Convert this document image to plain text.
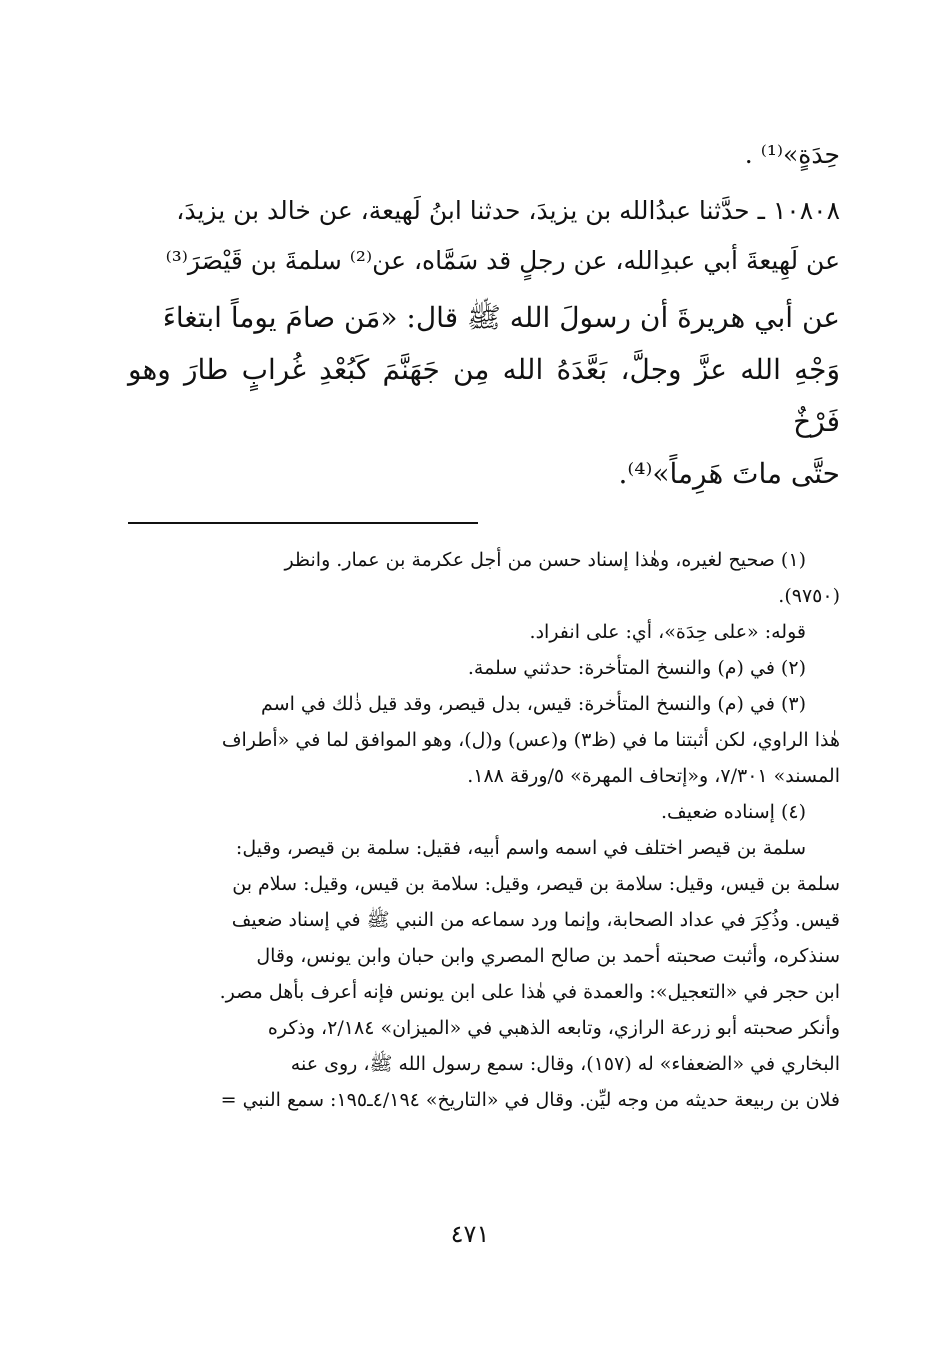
حِدَةٍ»⁽¹⁾ .

١٠٨٠٨ ـ حدَّثنا عبدُالله بن يزيدَ، حدثنا ابنُ لَهيعة، عن خالد بن يزيدَ،

عن لَهِيعةَ أبي عبدِالله، عن رجلٍ قد سَمَّاه، عن⁽²⁾ سلمةَ بن قَيْصَرَ⁽³⁾

عن أبي هريرةَ أن رسولَ الله ﷺ قال: «مَن صامَ يوماً ابتغاءَ

وَجْهِ الله عزَّ وجلَّ، بَعَّدَهُ الله مِن جَهَنَّمَ كَبُعْدِ غُرابٍ طارَ وهو فَرْخٌ

حتَّى ماتَ هَرِماً»⁽⁴⁾.

(١) صحيح لغيره، وهٰذا إسناد حسن من أجل عكرمة بن عمار. وانظر

(٩٧٥٠).

قوله: «على حِدَة»، أي: على انفراد.

(٢) في (م) والنسخ المتأخرة: حدثني سلمة.

(٣) في (م) والنسخ المتأخرة: قيس، بدل قيصر، وقد قيل ذٰلك في اسم

هٰذا الراوي، لكن أثبتنا ما في (ظ٣) و(عس) و(ل)، وهو الموافق لما في «أطراف

المسند» ٧/٣٠١، و«إتحاف المهرة» ٥/ورقة ١٨٨.

(٤) إسناده ضعيف.

سلمة بن قيصر اختلف في اسمه واسم أبيه، فقيل: سلمة بن قيصر، وقيل:

سلمة بن قيس، وقيل: سلامة بن قيصر، وقيل: سلامة بن قيس، وقيل: سلام بن

قيس. وذُكِرَ في عداد الصحابة، وإنما ورد سماعه من النبي ﷺ في إسناد ضعيف

سنذكره، وأثبت صحبته أحمد بن صالح المصري وابن حبان وابن يونس، وقال

ابن حجر في «التعجيل»: والعمدة في هٰذا على ابن يونس فإنه أعرف بأهل مصر.

وأنكر صحبته أبو زرعة الرازي، وتابعه الذهبي في «الميزان» ٢/١٨٤، وذكره

البخاري في «الضعفاء» له (١٥٧)، وقال: سمع رسول الله ﷺ، روى عنه

فلان بن ربيعة حديثه من وجه ليِّن. وقال في «التاريخ» ٤/١٩٤ـ١٩٥: سمع النبي =

٤٧١
